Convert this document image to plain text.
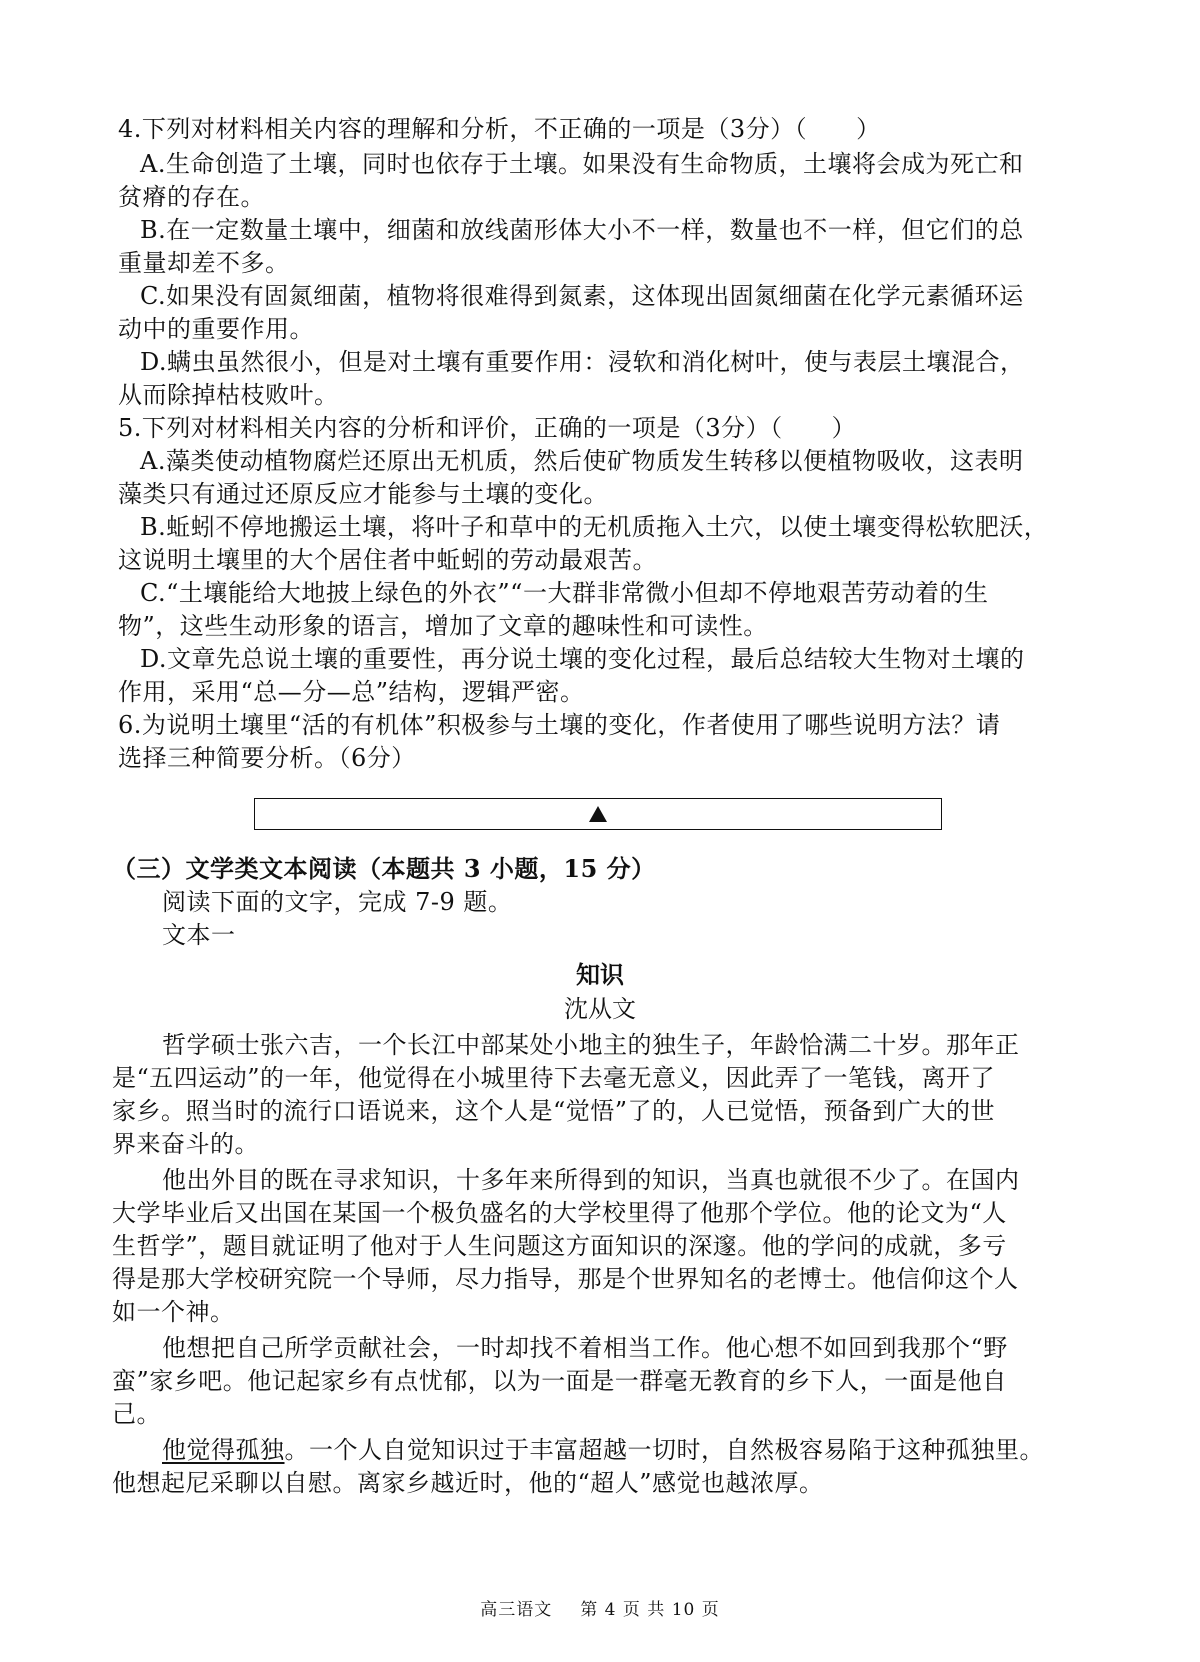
4.下列对材料相关内容的理解和分析，不正确的一项是（3分）（　　）
A.生命创造了土壤，同时也依存于土壤。如果没有生命物质，土壤将会成为死亡和
贫瘠的存在。
B.在一定数量土壤中，细菌和放线菌形体大小不一样，数量也不一样，但它们的总
重量却差不多。
C.如果没有固氮细菌，植物将很难得到氮素，这体现出固氮细菌在化学元素循环运
动中的重要作用。
D.螨虫虽然很小，但是对土壤有重要作用：浸软和消化树叶，使与表层土壤混合，
从而除掉枯枝败叶。
5.下列对材料相关内容的分析和评价，正确的一项是（3分）（　　）
A.藻类使动植物腐烂还原出无机质，然后使矿物质发生转移以便植物吸收，这表明
藻类只有通过还原反应才能参与土壤的变化。
B.蚯蚓不停地搬运土壤，将叶子和草中的无机质拖入土穴，以使土壤变得松软肥沃，
这说明土壤里的大个居住者中蚯蚓的劳动最艰苦。
C.“土壤能给大地披上绿色的外衣”“一大群非常微小但却不停地艰苦劳动着的生
物”，这些生动形象的语言，增加了文章的趣味性和可读性。
D.文章先总说土壤的重要性，再分说土壤的变化过程，最后总结较大生物对土壤的
作用，采用“总—分—总”结构，逻辑严密。
6.为说明土壤里“活的有机体”积极参与土壤的变化，作者使用了哪些说明方法？请
选择三种简要分析。（6分）
（三）文学类文本阅读（本题共 3 小题，15 分）
阅读下面的文字，完成 7-9 题。
文本一
知识
沈从文
哲学硕士张六吉，一个长江中部某处小地主的独生子，年龄恰满二十岁。那年正
是“五四运动”的一年，他觉得在小城里待下去毫无意义，因此弄了一笔钱，离开了
家乡。照当时的流行口语说来，这个人是“觉悟”了的，人已觉悟，预备到广大的世
界来奋斗的。
他出外目的既在寻求知识，十多年来所得到的知识，当真也就很不少了。在国内
大学毕业后又出国在某国一个极负盛名的大学校里得了他那个学位。他的论文为“人
生哲学”，题目就证明了他对于人生问题这方面知识的深邃。他的学问的成就，多亏
得是那大学校研究院一个导师，尽力指导，那是个世界知名的老博士。他信仰这个人
如一个神。
他想把自己所学贡献社会，一时却找不着相当工作。他心想不如回到我那个“野
蛮”家乡吧。他记起家乡有点忧郁，以为一面是一群毫无教育的乡下人，一面是他自
己。
他觉得孤独。一个人自觉知识过于丰富超越一切时，自然极容易陷于这种孤独里。
他想起尼采聊以自慰。离家乡越近时，他的“超人”感觉也越浓厚。
高三语文 第 4 页 共 10 页
